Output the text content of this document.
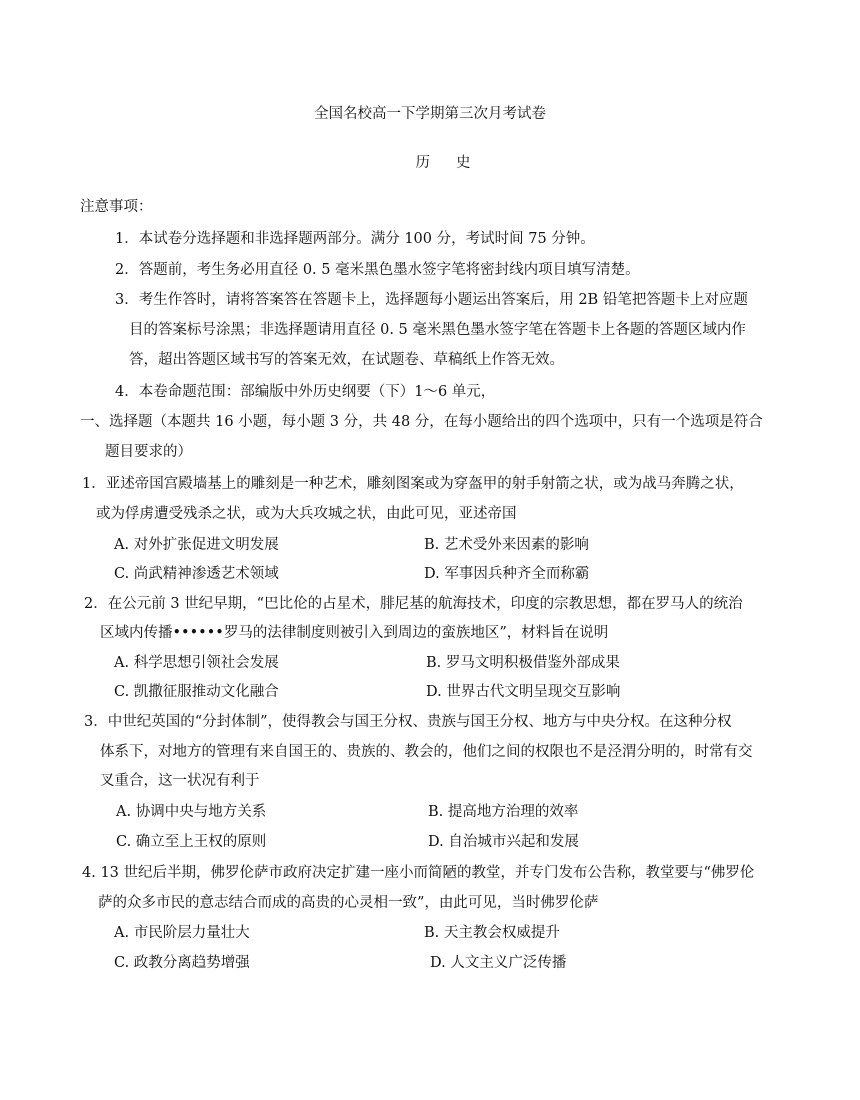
全国名校高一下学期第三次月考试卷
历史
注意事项：
1．本试卷分选择题和非选择题两部分。满分 100 分，考试时间 75 分钟。
2．答题前，考生务必用直径 0. 5 毫米黑色墨水签字笔将密封线内项目填写清楚。
3．考生作答时，请将答案答在答题卡上，选择题每小题运出答案后，用 2B 铅笔把答题卡上对应题
目的答案标号涂黑；非选择题请用直径 0. 5 毫米黑色墨水签字笔在答题卡上各题的答题区域内作
答，超出答题区域书写的答案无效，在试题卷、草稿纸上作答无效。
4．本卷命题范围：部编版中外历史纲要（下）1～6 单元，
一、选择题（本题共 16 小题，每小题 3 分，共 48 分，在每小题给出的四个选项中，只有一个选项是符合
题目要求的）
1．亚述帝国宫殿墙基上的雕刻是一种艺术，雕刻图案或为穿盔甲的射手射箭之状，或为战马奔腾之状，
或为俘虏遭受残杀之状，或为大兵攻城之状，由此可见，亚述帝国
A. 对外扩张促进文明发展	B. 艺术受外来因素的影响
C. 尚武精神渗透艺术领域	D. 军事因兵种齐全而称霸
2．在公元前 3 世纪早期，“巴比伦的占星术，腓尼基的航海技术，印度的宗教思想，都在罗马人的统治
区域内传播••••••罗马的法律制度则被引入到周边的蛮族地区”，材料旨在说明
A. 科学思想引领社会发展	B. 罗马文明积极借鉴外部成果
C. 凯撒征服推动文化融合	D. 世界古代文明呈现交互影响
3．中世纪英国的“分封体制”，使得教会与国王分权、贵族与国王分权、地方与中央分权。在这种分权
体系下，对地方的管理有来自国王的、贵族的、教会的，他们之间的权限也不是泾渭分明的，时常有交
叉重合，这一状况有利于
A. 协调中央与地方关系	B. 提高地方治理的效率
C. 确立至上王权的原则	D. 自治城市兴起和发展
4. 13 世纪后半期，佛罗伦萨市政府决定扩建一座小而简陋的教堂，并专门发布公告称，教堂要与“佛罗伦
萨的众多市民的意志结合而成的高贵的心灵相一致”，由此可见，当时佛罗伦萨
A. 市民阶层力量壮大	B. 天主教会权威提升
C. 政教分离趋势增强	D. 人文主义广泛传播
